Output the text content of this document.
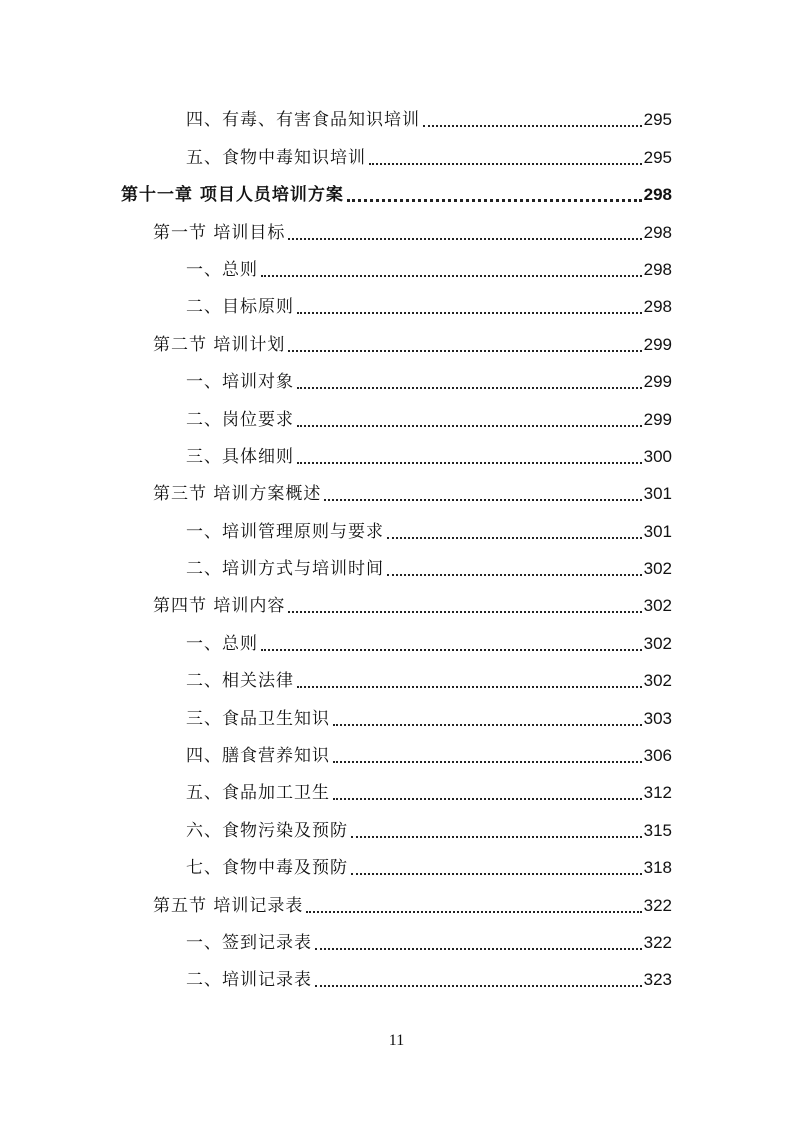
四、有毒、有害食品知识培训	295
五、食物中毒知识培训	295
第十一章 项目人员培训方案	298
第一节 培训目标	298
一、总则	298
二、目标原则	298
第二节 培训计划	299
一、培训对象	299
二、岗位要求	299
三、具体细则	300
第三节 培训方案概述	301
一、培训管理原则与要求	301
二、培训方式与培训时间	302
第四节 培训内容	302
一、总则	302
二、相关法律	302
三、食品卫生知识	303
四、膳食营养知识	306
五、食品加工卫生	312
六、食物污染及预防	315
七、食物中毒及预防	318
第五节 培训记录表	322
一、签到记录表	322
二、培训记录表	323
11
